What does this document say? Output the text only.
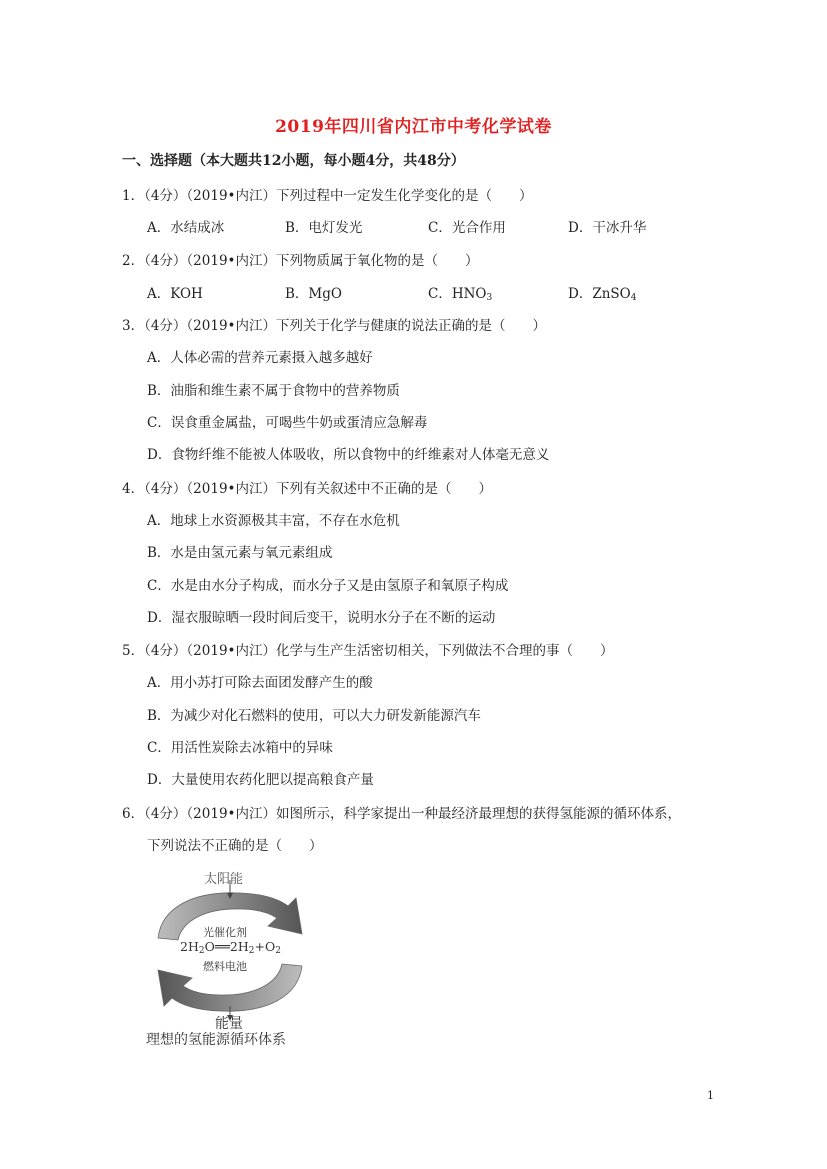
2019年四川省内江市中考化学试卷
一、选择题（本大题共12小题，每小题4分，共48分）
1．（4分）（2019•内江）下列过程中一定发生化学变化的是（　　）
A．水结成冰	B．电灯发光	C．光合作用	D．干冰升华
2．（4分）（2019•内江）下列物质属于氧化物的是（　　）
A．KOH	B．MgO	C．$HNO_3$	D．ZnSO$_4$
3．（4分）（2019•内江）下列关于化学与健康的说法正确的是（　　）
A．人体必需的营养元素摄入越多越好
B．油脂和维生素不属于食物中的营养物质
C．误食重金属盐，可喝些牛奶或蛋清应急解毒
D．食物纤维不能被人体吸收，所以食物中的纤维素对人体毫无意义
4．（4分）（2019•内江）下列有关叙述中不正确的是（　　）
A．地球上水资源极其丰富，不存在水危机
B．水是由氢元素与氧元素组成
C．水是由水分子构成，而水分子又是由氢原子和氧原子构成
D．湿衣服晾晒一段时间后变干，说明水分子在不断的运动
5．（4分）（2019•内江）化学与生产生活密切相关，下列做法不合理的事（　　）
A．用小苏打可除去面团发酵产生的酸
B．为减少对化石燃料的使用，可以大力研发新能源汽车
C．用活性炭除去冰箱中的异味
D．大量使用农药化肥以提高粮食产量
6．（4分）（2019•内江）如图所示，科学家提出一种最经济最理想的获得氢能源的循环体系，
下列说法不正确的是（　　）
太阳能
光催化剂
$2H_2O══2H_2+O_2$
燃料电池
能量
理想的氢能源循环体系
1
